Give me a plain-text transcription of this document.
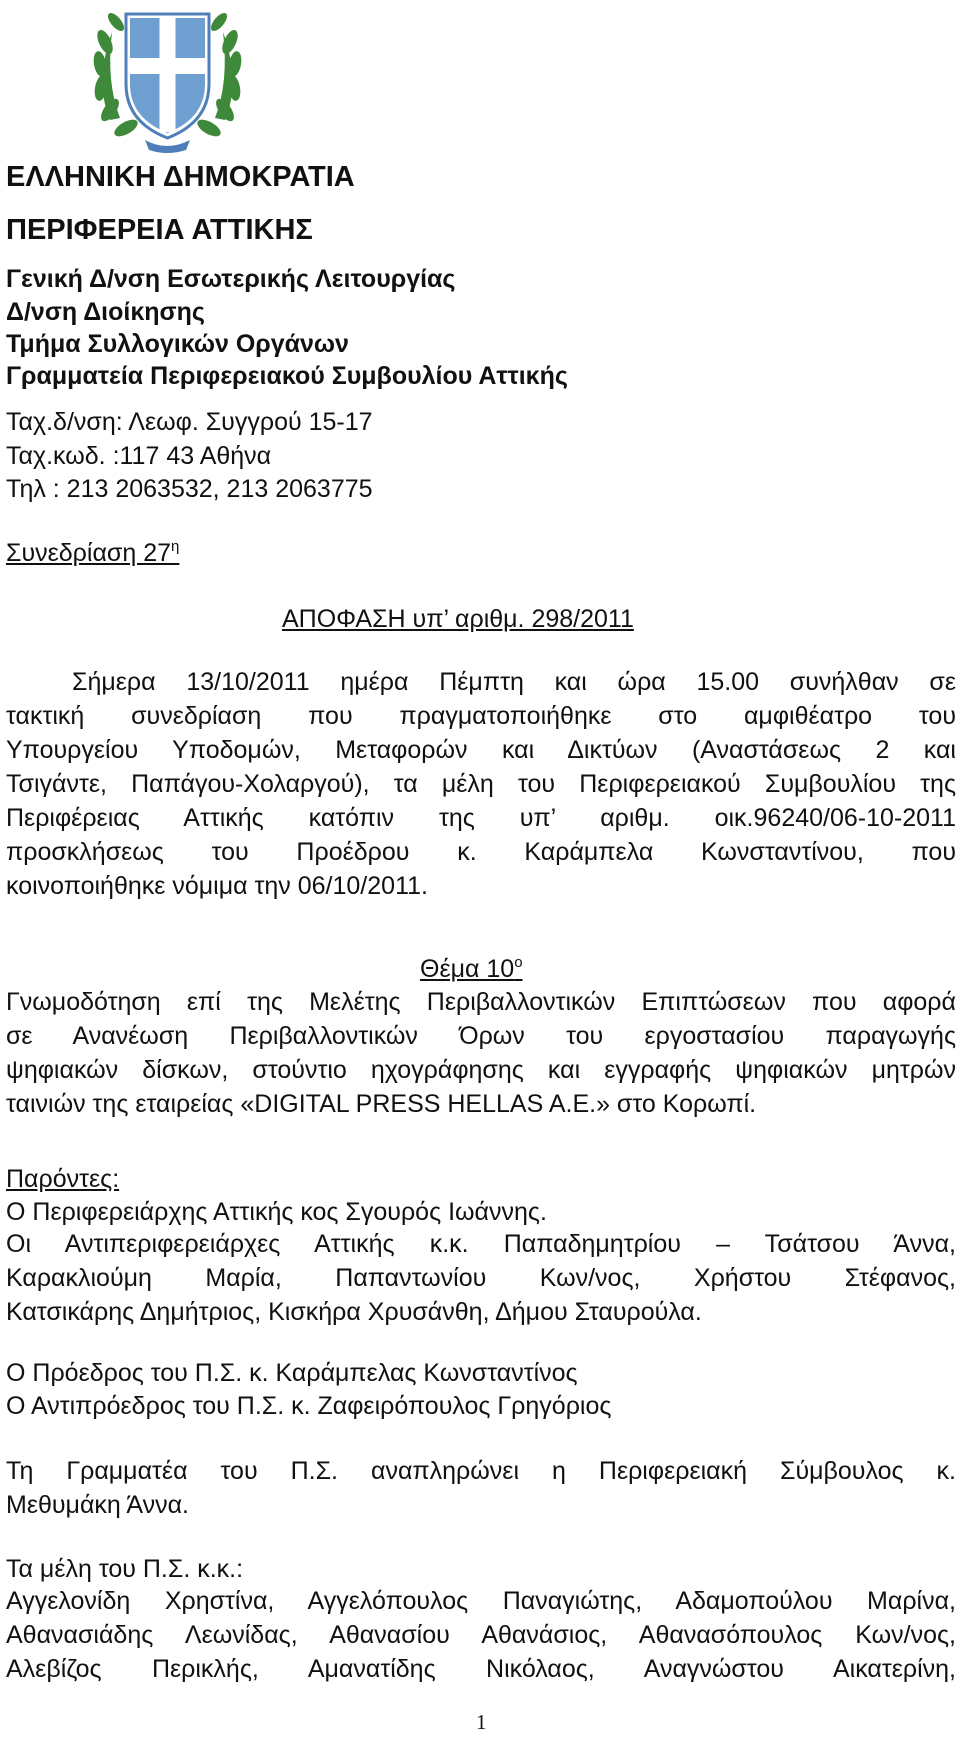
ΕΛΛΗΝΙΚΗ ΔΗΜΟΚΡΑΤΙΑ
ΠΕΡΙΦΕΡΕΙΑ ΑΤΤΙΚΗΣ
Γενική Δ/νση Εσωτερικής Λειτουργίας
Δ/νση Διοίκησης
Τμήμα Συλλογικών Οργάνων
Γραμματεία Περιφερειακού Συμβουλίου Αττικής
Ταχ.δ/νση: Λεωφ. Συγγρού 15-17
Ταχ.κωδ. :117 43 Αθήνα
Τηλ : 213 2063532, 213 2063775
Συνεδρίαση $27^\eta$
ΑΠΟΦΑΣΗ υπ’ αριθμ. 298/2011
Σήμερα 13/10/2011 ημέρα Πέμπτη και ώρα 15.00 συνήλθαν σε
τακτική συνεδρίαση που πραγματοποιήθηκε στο αμφιθέατρο του
Υπουργείου Υποδομών, Μεταφορών και Δικτύων (Αναστάσεως 2 και
Τσιγάντε, Παπάγου-Χολαργού), τα μέλη του Περιφερειακού Συμβουλίου της
Περιφέρειας Αττικής κατόπιν της υπ’ αριθμ. οικ.96240/06-10-2011
προσκλήσεως του Προέδρου κ. Καράμπελα Κωνσταντίνου, που
κοινοποιήθηκε νόμιμα την 06/10/2011.
Θέμα $10^o$
Γνωμοδότηση επί της Μελέτης Περιβαλλοντικών Επιπτώσεων που αφορά
σε Ανανέωση Περιβαλλοντικών Όρων του εργοστασίου παραγωγής
ψηφιακών δίσκων, στούντιο ηχογράφησης και εγγραφής ψηφιακών μητρών
ταινιών της εταιρείας «DIGITAL PRESS HELLAS A.E.» στο Κορωπί.
Παρόντες:
Ο Περιφερειάρχης Αττικής κος Σγουρός Ιωάννης.
Οι Αντιπεριφερειάρχες Αττικής κ.κ. Παπαδημητρίου – Τσάτσου Άννα,
Καρακλιούμη Μαρία, Παπαντωνίου Κων/νος, Χρήστου Στέφανος,
Κατσικάρης Δημήτριος, Κισκήρα Χρυσάνθη, Δήμου Σταυρούλα.
Ο Πρόεδρος του Π.Σ. κ. Καράμπελας Κωνσταντίνος
Ο Αντιπρόεδρος του Π.Σ. κ. Ζαφειρόπουλος Γρηγόριος
Τη Γραμματέα του Π.Σ. αναπληρώνει η Περιφερειακή Σύμβουλος κ.
Μεθυμάκη Άννα.
Τα μέλη του Π.Σ. κ.κ.:
Αγγελονίδη Χρηστίνα, Αγγελόπουλος Παναγιώτης, Αδαμοπούλου Μαρίνα,
Αθανασιάδης Λεωνίδας, Αθανασίου Αθανάσιος, Αθανασόπουλος Κων/νος,
Αλεβίζος Περικλής, Αμανατίδης Νικόλαος, Αναγνώστου Αικατερίνη,
1
